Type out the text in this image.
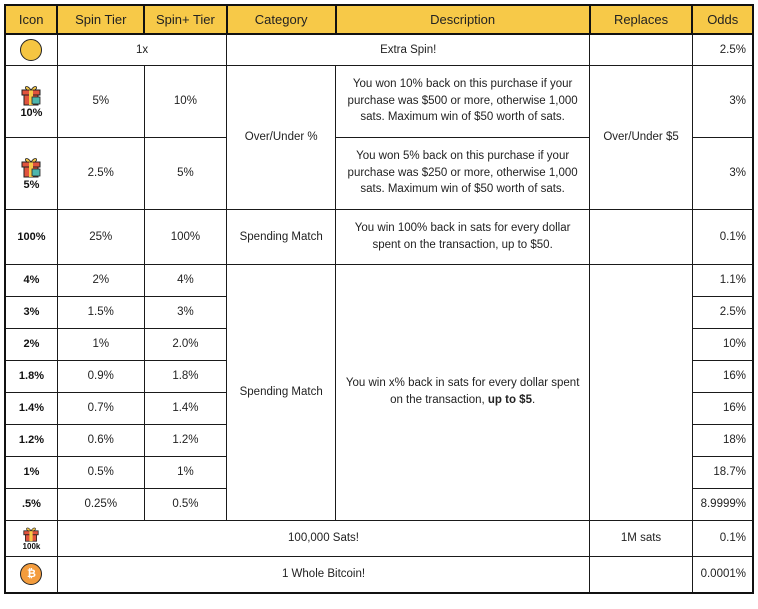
Icon	Spin Tier	Spin+ Tier	Category	Description	Replaces	Odds
	1x		Extra Spin!			2.5%

10%	5%	10%	Over/Under %	You won 10% back on this purchase if your purchase was $500 or more, otherwise 1,000 sats. Maximum win of $50 worth of sats.	Over/Under $5	3%

5%	2.5%	5%		You won 5% back on this purchase if your purchase was $250 or more, otherwise 1,000 sats. Maximum win of $50 worth of sats.		3%
100%	25%	100%	Spending Match	You win 100% back in sats for every dollar spent on the transaction, up to $50.		0.1%
4%	2%	4%	Spending Match	You win x% back in sats for every dollar spent on the transaction, up to $5.		1.1%
3%	1.5%	3%				2.5%
2%	1%	2.0%				10%
1.8%	0.9%	1.8%				16%
1.4%	0.7%	1.4%				16%
1.2%	0.6%	1.2%				18%
1%	0.5%	1%				18.7%
.5%	0.25%	0.5%				8.9999%

100k	100,000 Sats!				1M sats	0.1%
₿	1 Whole Bitcoin!					0.0001%
